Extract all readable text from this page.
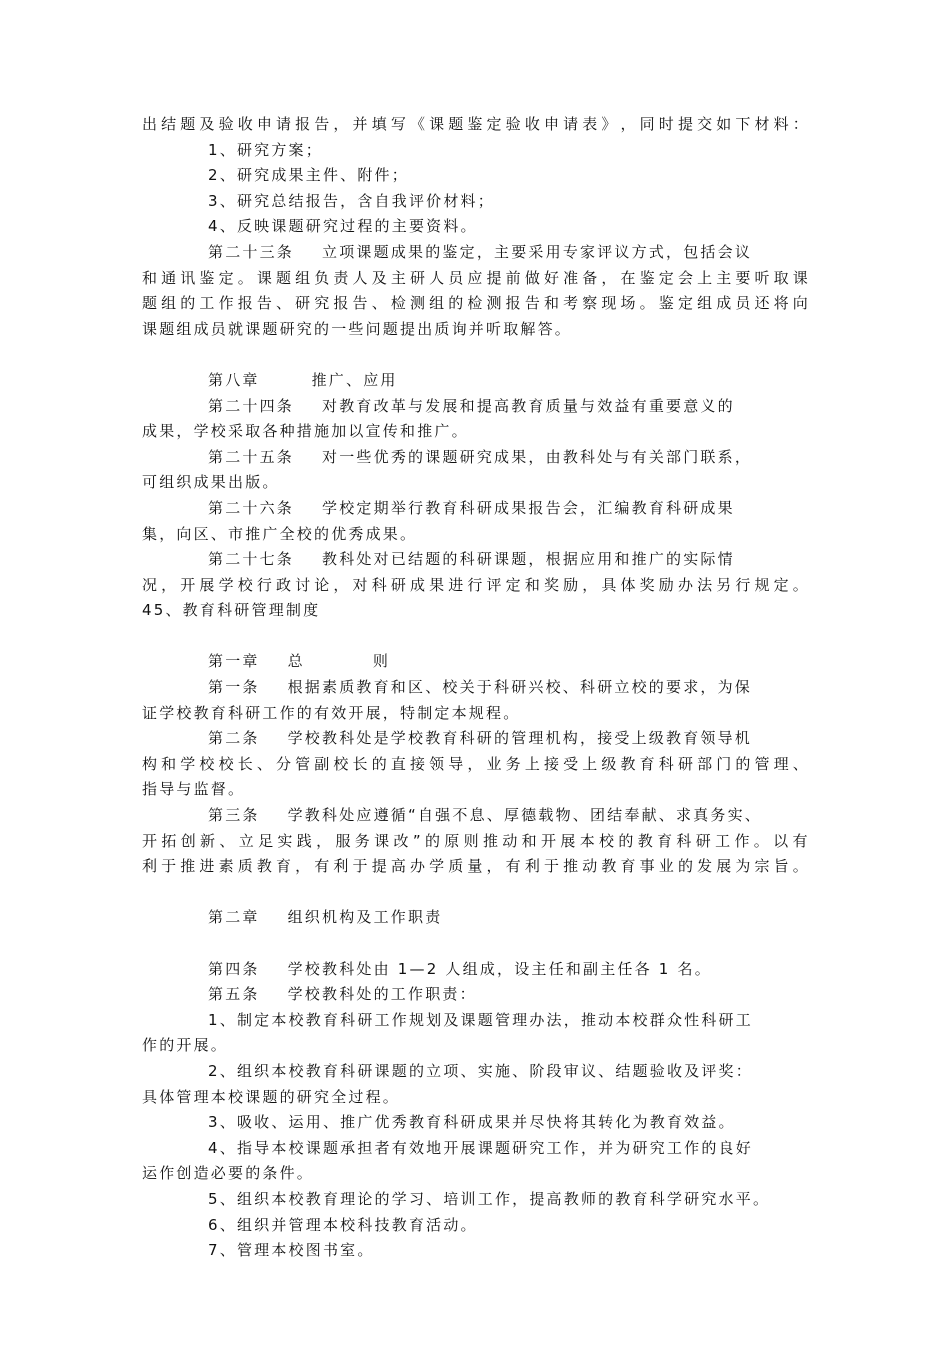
出 结 题 及 验 收 申 请 报 告 ， 并 填 写 《 课 题 鉴 定 验 收 申 请 表 》 ， 同 时 提 交 如 下 材 料 ：
1、研究方案；
2、研究成果主件、附件；
3、研究总结报告，含自我评价材料；
4、反映课题研究过程的主要资料。
第二十三条 立项课题成果的鉴定，主要采用专家评议方式，包括会议
和 通 讯 鉴 定 。 课 题 组 负 责 人 及 主 研 人 员 应 提 前 做 好 准 备 ， 在 鉴 定 会 上 主 要 听 取 课
题 组 的 工 作 报 告 、 研 究 报 告 、 检 测 组 的 检 测 报 告 和 考 察 现 场 。 鉴 定 组 成 员 还 将 向
课题组成员就课题研究的一些问题提出质询并听取解答。
第八章	推广、应用
第二十四条 对教育改革与发展和提高教育质量与效益有重要意义的
成果，学校采取各种措施加以宣传和推广。
第二十五条 对一些优秀的课题研究成果，由教科处与有关部门联系，
可组织成果出版。
第二十六条 学校定期举行教育科研成果报告会，汇编教育科研成果
集，向区、市推广全校的优秀成果。
第二十七条 教科处对已结题的科研课题，根据应用和推广的实际情
况 ， 开 展 学 校 行 政 讨 论 ， 对 科 研 成 果 进 行 评 定 和 奖 励 ， 具 体 奖 励 办 法 另 行 规 定 。
45、教育科研管理制度
第一章 总	则
第一条 根据素质教育和区、校关于科研兴校、科研立校的要求，为保
证学校教育科研工作的有效开展，特制定本规程。
第二条 学校教科处是学校教育科研的管理机构，接受上级教育领导机
构 和 学 校 校 长 、 分 管 副 校 长 的 直 接 领 导 ， 业 务 上 接 受 上 级 教 育 科 研 部 门 的 管 理 、
指导与监督。
第三条 学教科处应遵循“自强不息、厚德载物、团结奉献、求真务实、
开 拓 创 新 、 立 足 实 践 ， 服 务 课 改 ” 的 原 则 推 动 和 开 展 本 校 的 教 育 科 研 工 作 。 以 有
利 于 推 进 素 质 教 育 ， 有 利 于 提 高 办 学 质 量 ， 有 利 于 推 动 教 育 事 业 的 发 展 为 宗 旨 。
第二章 组织机构及工作职责
第四条 学校教科处由 1—2 人组成，设主任和副主任各 1 名。
第五条 学校教科处的工作职责：
1、制定本校教育科研工作规划及课题管理办法，推动本校群众性科研工
作的开展。
2、组织本校教育科研课题的立项、实施、阶段审议、结题验收及评奖：
具体管理本校课题的研究全过程。
3、吸收、运用、推广优秀教育科研成果并尽快将其转化为教育效益。
4、指导本校课题承担者有效地开展课题研究工作，并为研究工作的良好
运作创造必要的条件。
5、组织本校教育理论的学习、培训工作，提高教师的教育科学研究水平。
6、组织并管理本校科技教育活动。
7、管理本校图书室。
